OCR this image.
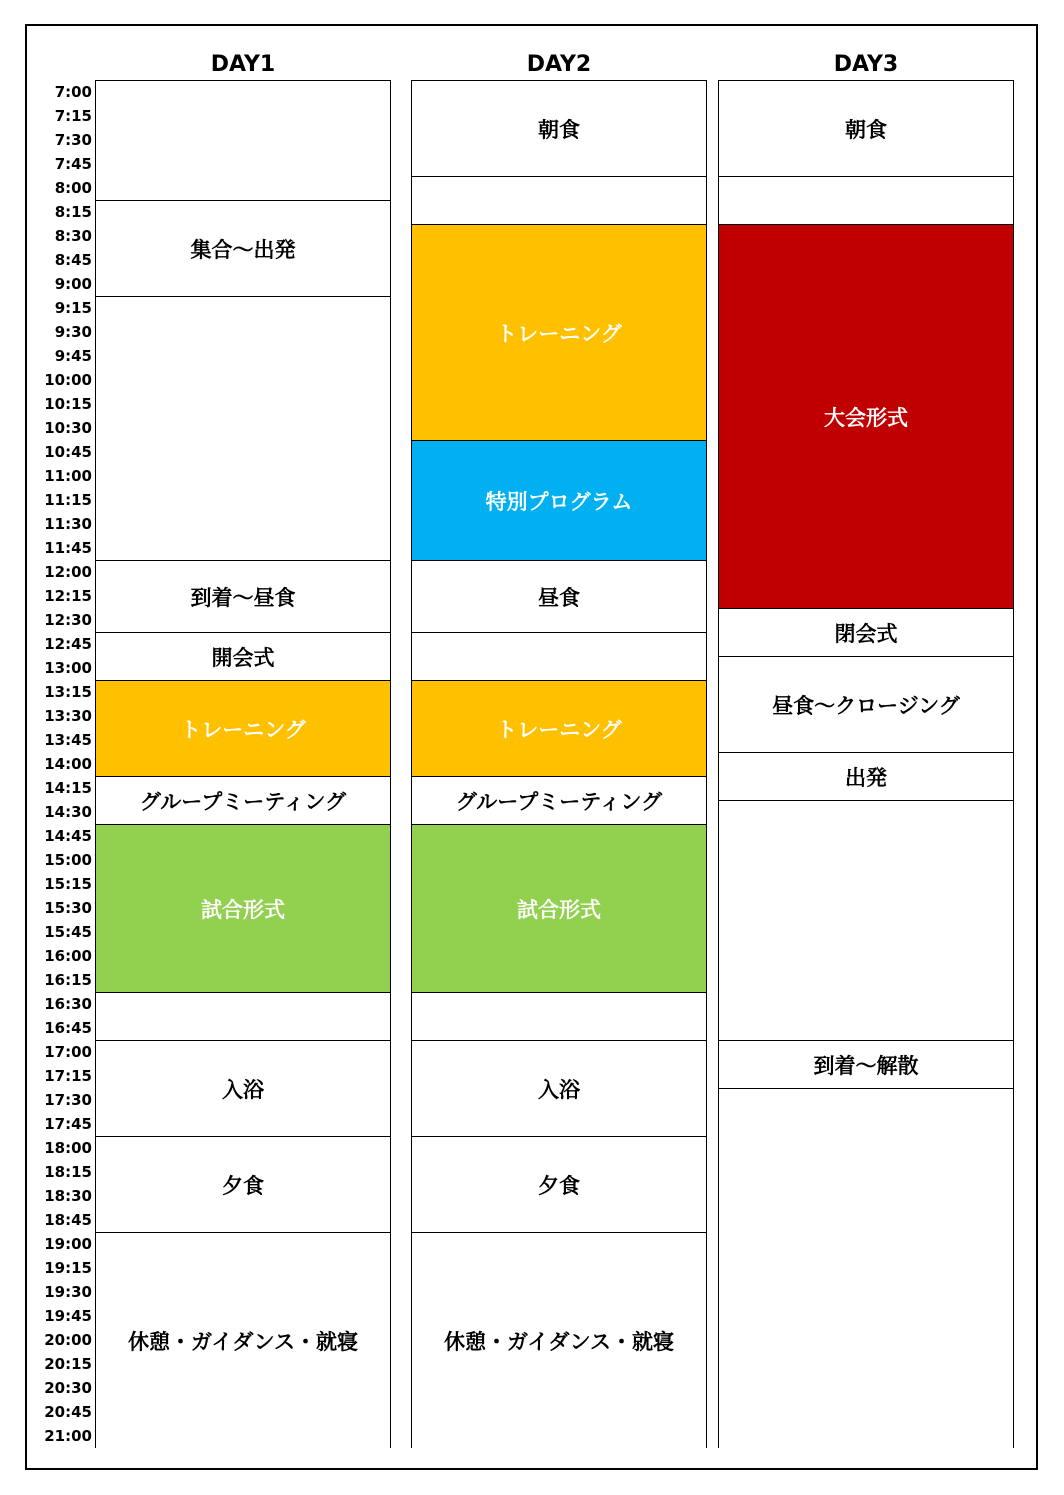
DAY1	DAY2	DAY3
7:00
7:15
7:30
7:45
8:00
8:15
8:30
8:45
9:00
9:15
9:30
9:45
10:00
10:15
10:30
10:45
11:00
11:15
11:30
11:45
12:00
12:15
12:30
12:45
13:00
13:15
13:30
13:45
14:00
14:15
14:30
14:45
15:00
15:15
15:30
15:45
16:00
16:15
16:30
16:45
17:00
17:15
17:30
17:45
18:00
18:15
18:30
18:45
19:00
19:15
19:30
19:45
20:00
20:15
20:30
20:45
21:00
集合～出発
到着～昼食
開会式
トレーニング
グループミーティング
試合形式
入浴
夕食
休憩・ガイダンス・就寝
朝食
トレーニング
特別プログラム
昼食
トレーニング
グループミーティング
試合形式
入浴
夕食
休憩・ガイダンス・就寝
朝食
大会形式
閉会式
昼食～クロージング
出発
到着～解散
